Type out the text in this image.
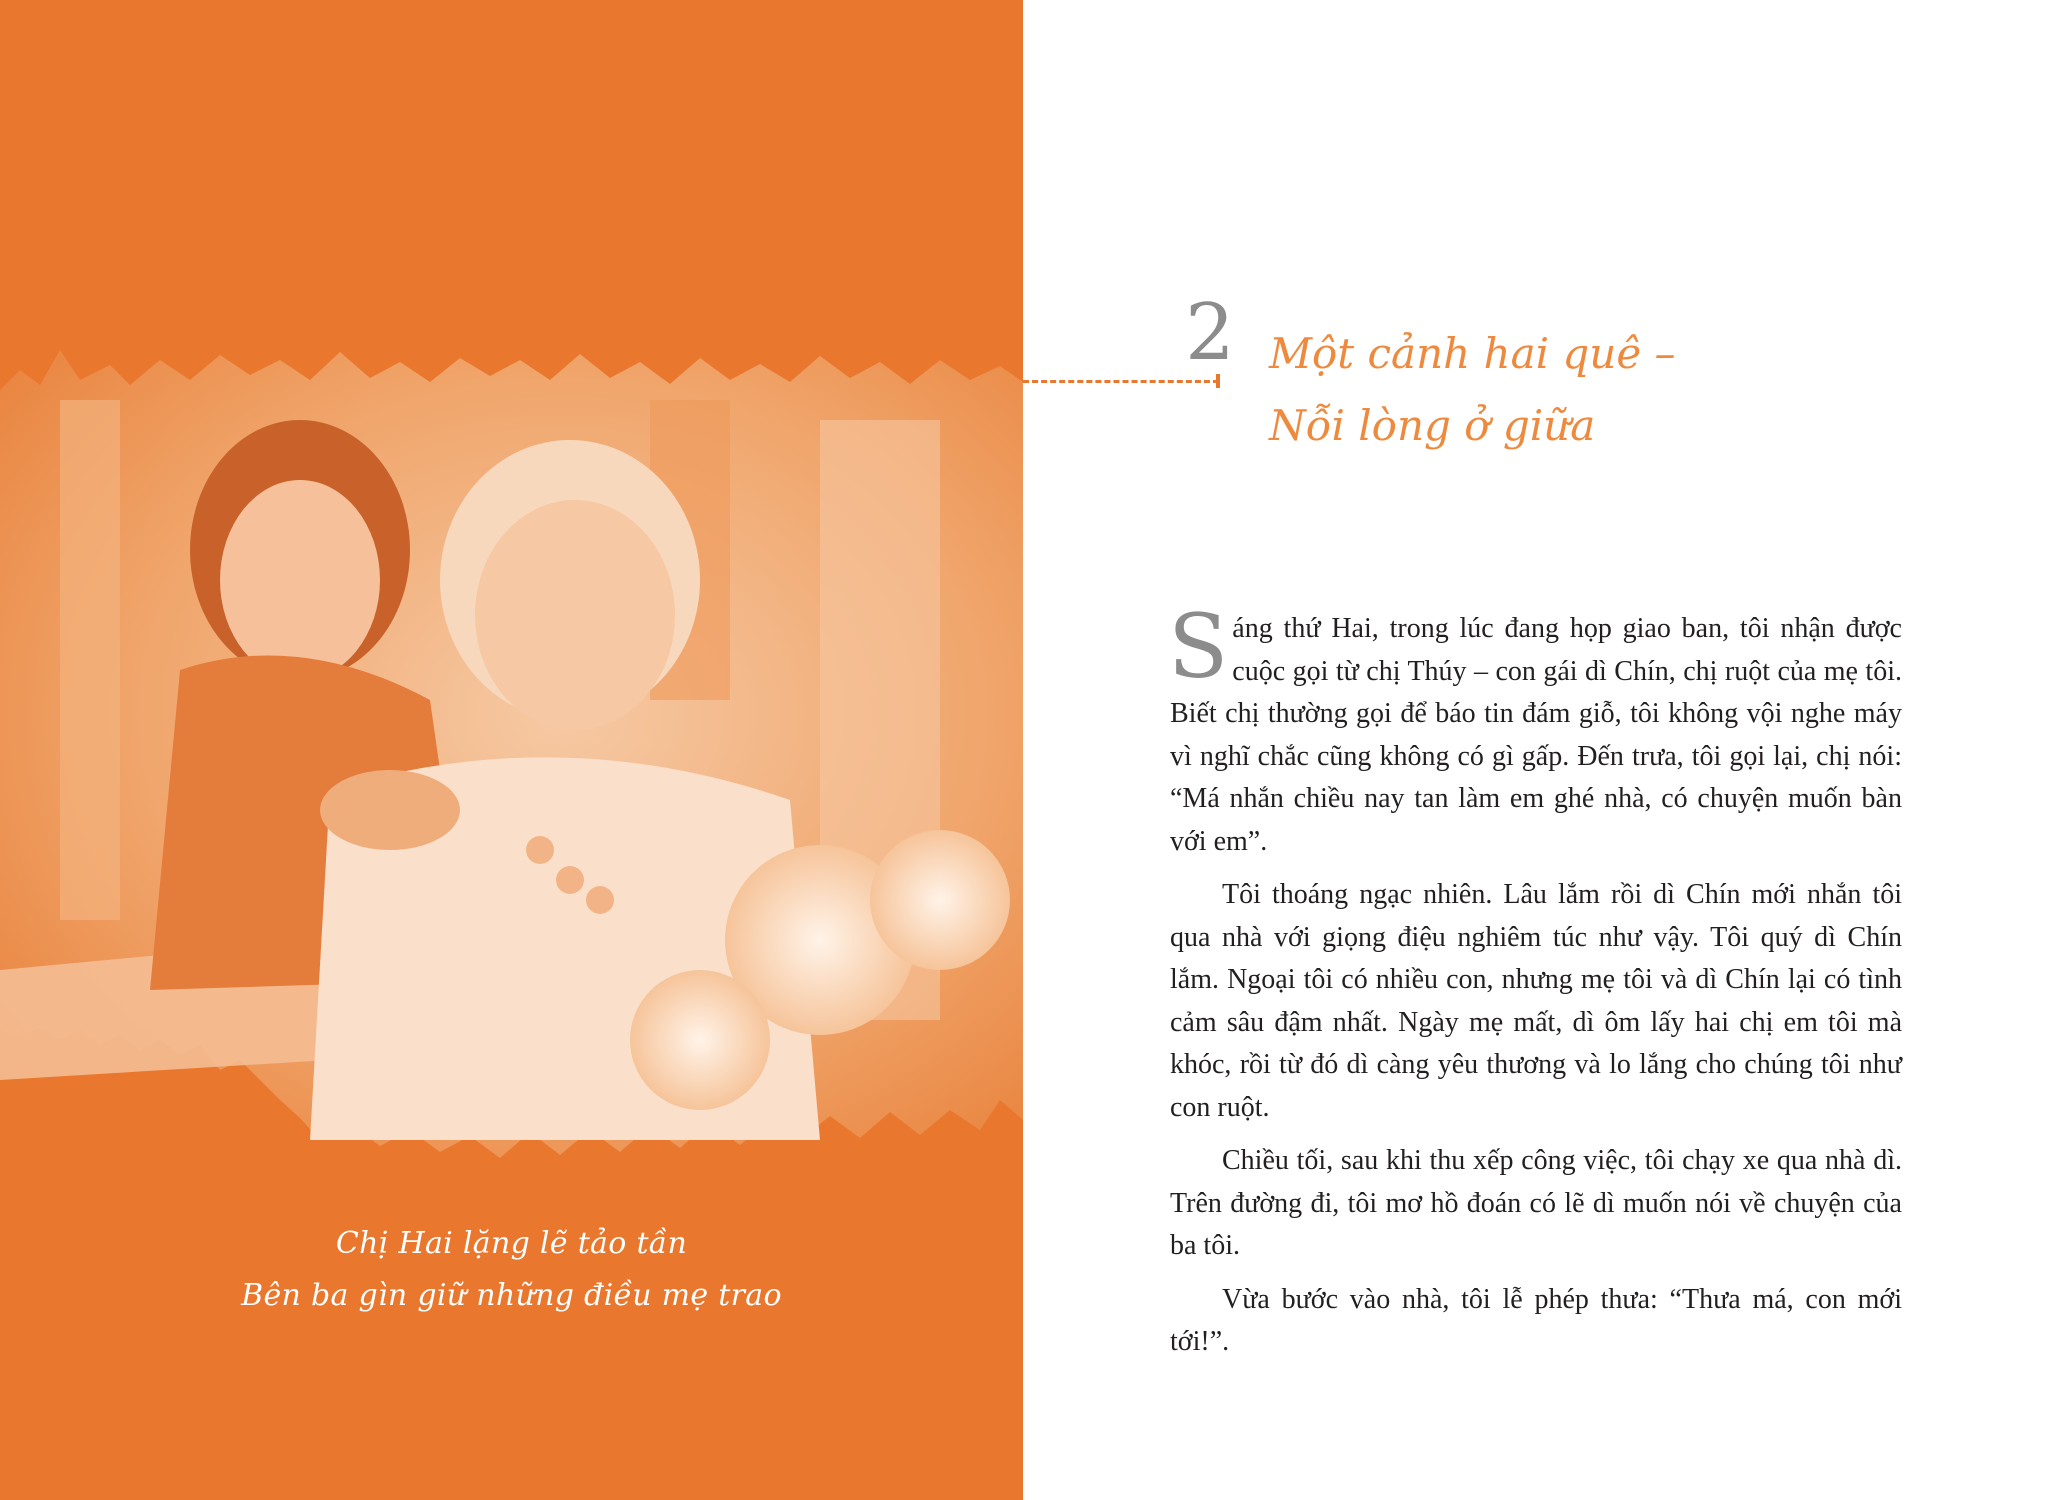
Chị Hai lặng lẽ tảo tần
Bên ba gìn giữ những điều mẹ trao
2 Một cảnh hai quê –
Nỗi lòng ở giữa

Sáng thứ Hai, trong lúc đang họp giao ban, tôi nhận được cuộc gọi từ chị Thúy – con gái dì Chín, chị ruột của mẹ tôi. Biết chị thường gọi để báo tin đám giỗ, tôi không vội nghe máy vì nghĩ chắc cũng không có gì gấp. Đến trưa, tôi gọi lại, chị nói: “Má nhắn chiều nay tan làm em ghé nhà, có chuyện muốn bàn với em”.

Tôi thoáng ngạc nhiên. Lâu lắm rồi dì Chín mới nhắn tôi qua nhà với giọng điệu nghiêm túc như vậy. Tôi quý dì Chín lắm. Ngoại tôi có nhiều con, nhưng mẹ tôi và dì Chín lại có tình cảm sâu đậm nhất. Ngày mẹ mất, dì ôm lấy hai chị em tôi mà khóc, rồi từ đó dì càng yêu thương và lo lắng cho chúng tôi như con ruột.

Chiều tối, sau khi thu xếp công việc, tôi chạy xe qua nhà dì. Trên đường đi, tôi mơ hồ đoán có lẽ dì muốn nói về chuyện của ba tôi.

Vừa bước vào nhà, tôi lễ phép thưa: “Thưa má, con mới tới!”.
